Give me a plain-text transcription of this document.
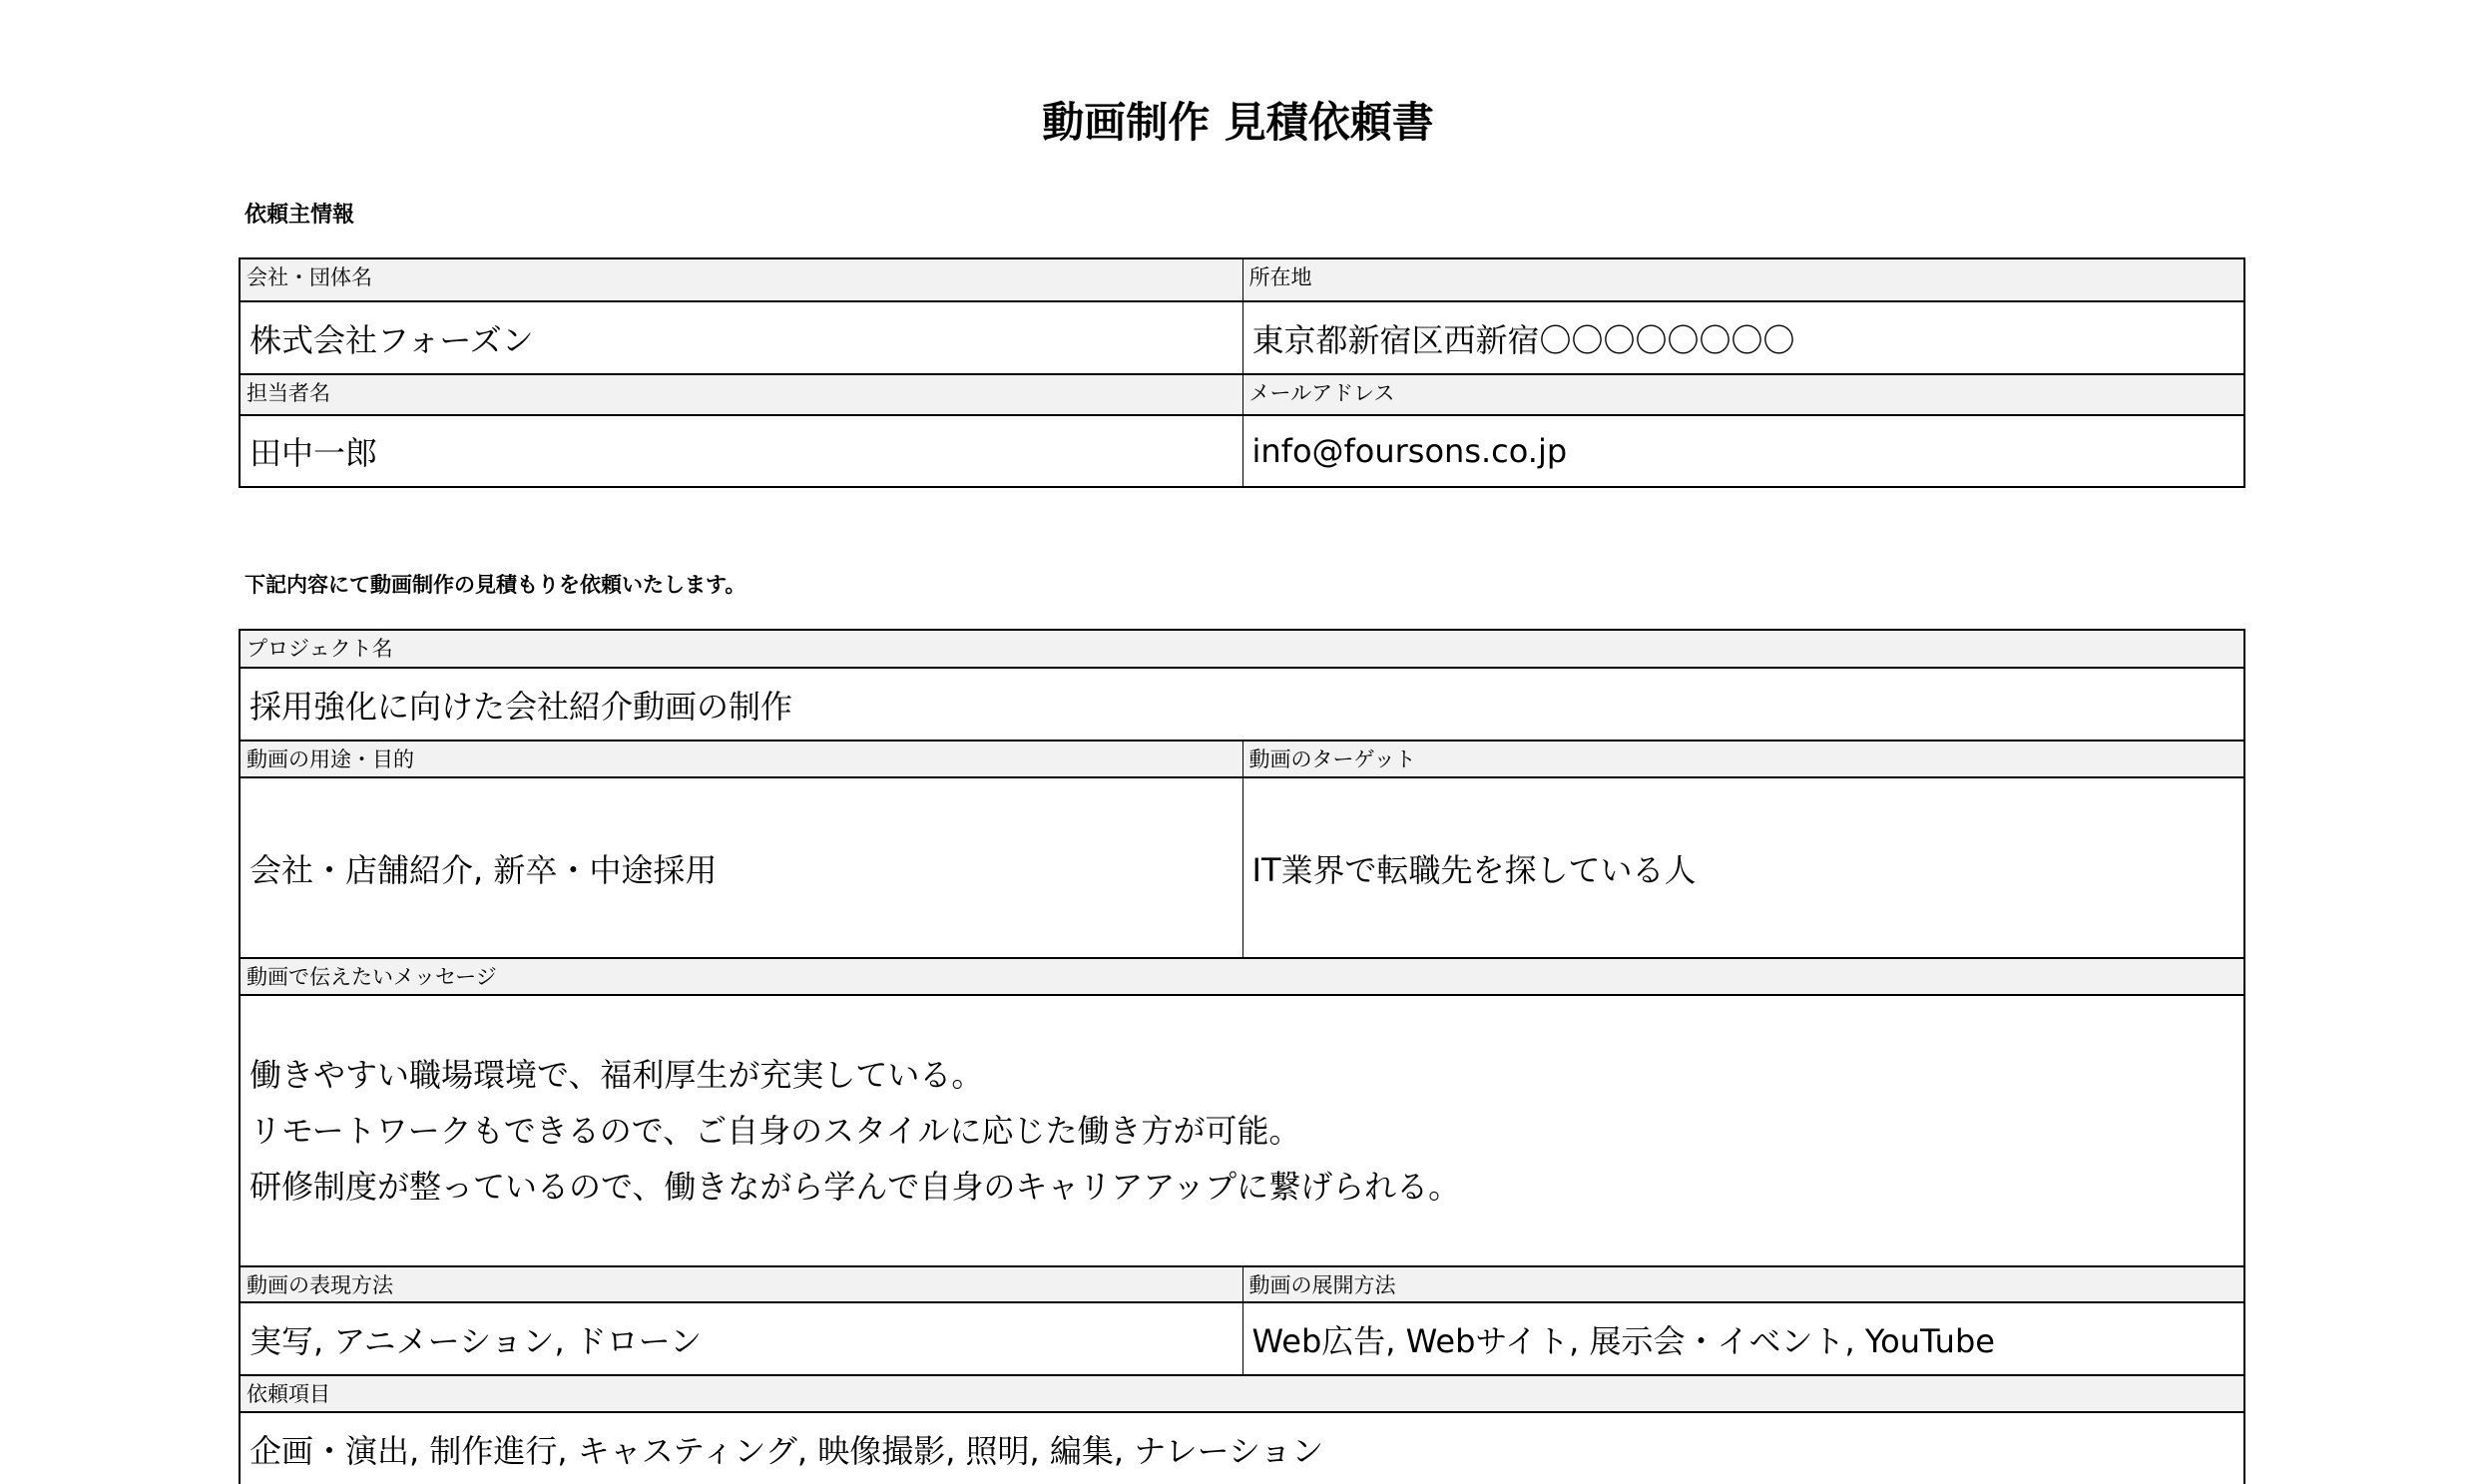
動画制作 見積依頼書
依頼主情報
会社・団体名	所在地
株式会社フォーズン	東京都新宿区西新宿〇〇〇〇〇〇〇〇
担当者名	メールアドレス
田中一郎	info@foursons.co.jp
下記内容にて動画制作の見積もりを依頼いたします。
プロジェクト名
採用強化に向けた会社紹介動画の制作
動画の用途・目的	動画のターゲット
会社・店舗紹介, 新卒・中途採用	IT業界で転職先を探している人
動画で伝えたいメッセージ
働きやすい職場環境で、福利厚生が充実している。
リモートワークもできるので、ご自身のスタイルに応じた働き方が可能。
研修制度が整っているので、働きながら学んで自身のキャリアアップに繋げられる。
動画の表現方法	動画の展開方法
実写, アニメーション, ドローン	Web広告, Webサイト, 展示会・イベント, YouTube
依頼項目
企画・演出, 制作進行, キャスティング, 映像撮影, 照明, 編集, ナレーション
